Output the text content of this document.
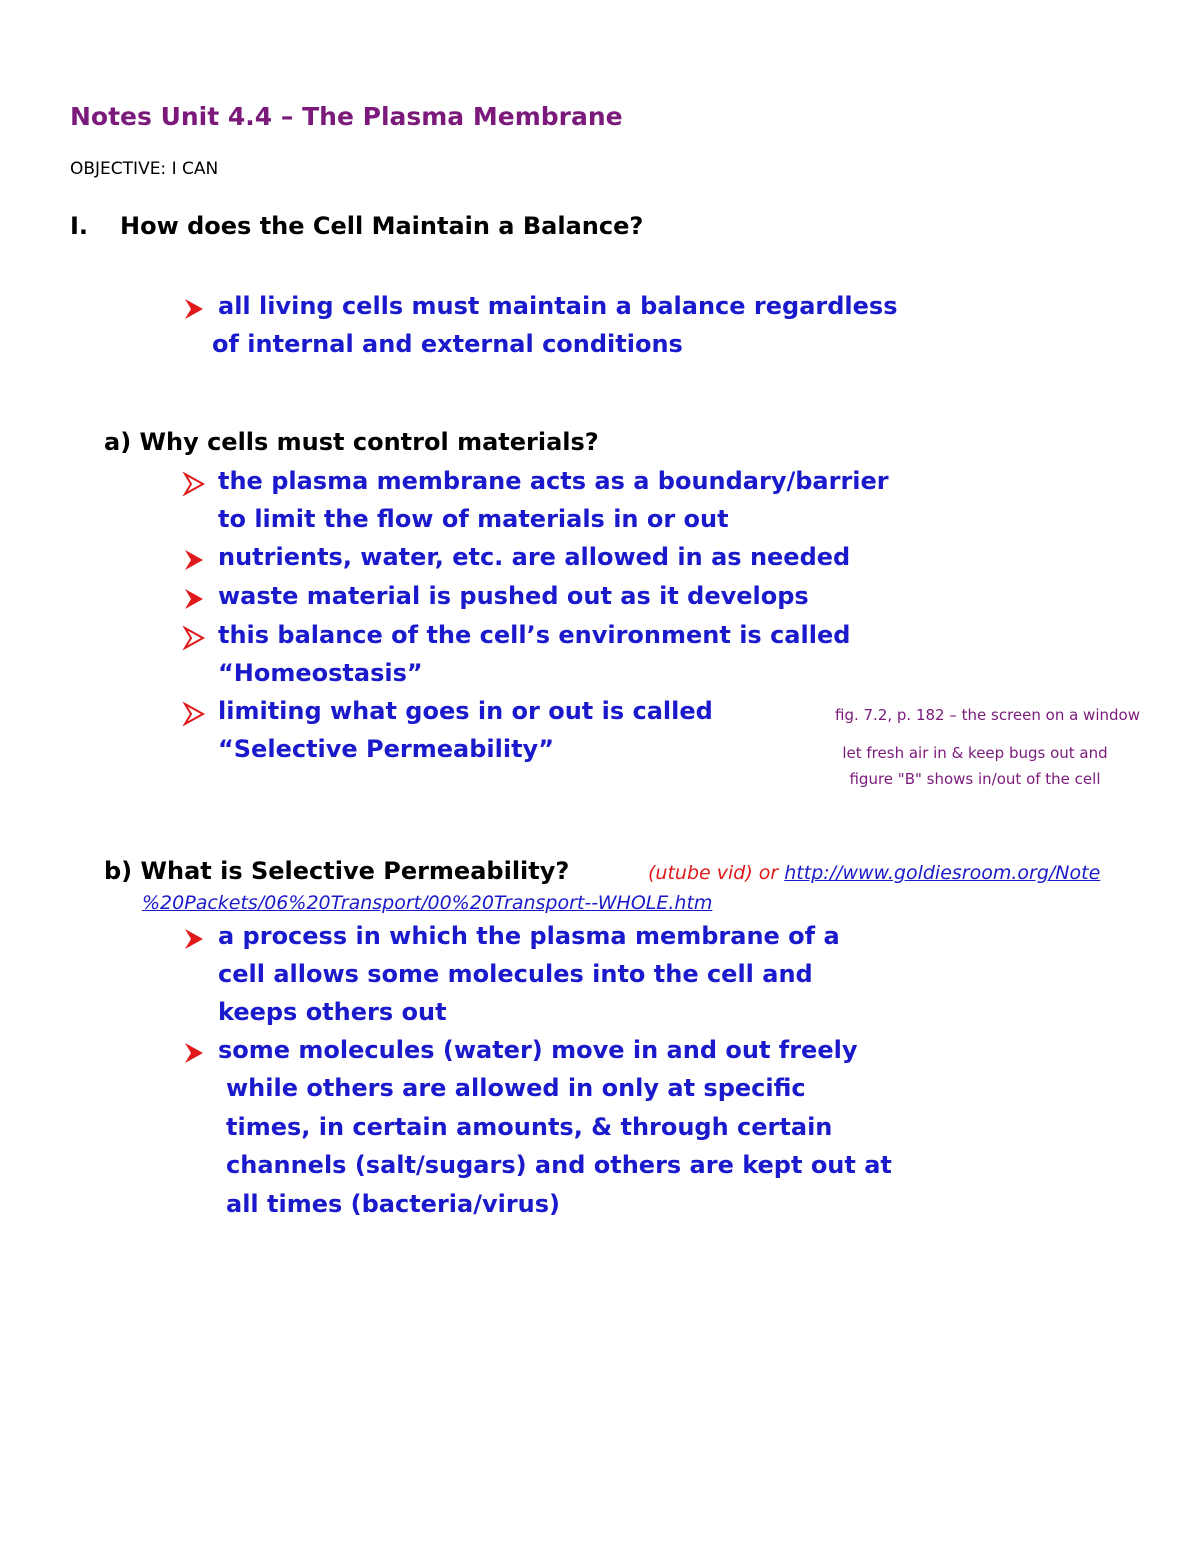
Notes Unit 4.4 – The Plasma Membrane
OBJECTIVE: I CAN
I. How does the Cell Maintain a Balance?
all living cells must maintain a balance regardless
of internal and external conditions
a) Why cells must control materials?
the plasma membrane acts as a boundary/barrier
to limit the flow of materials in or out
nutrients, water, etc. are allowed in as needed
waste material is pushed out as it develops
this balance of the cell’s environment is called
“Homeostasis”
limiting what goes in or out is called
“Selective Permeability”
fig. 7.2, p. 182 – the screen on a window
let fresh air in & keep bugs out and
figure "B" shows in/out of the cell
b) What is Selective Permeability?	(utube vid) or http://www.goldiesroom.org/Note
%20Packets/06%20Transport/00%20Transport--WHOLE.htm
a process in which the plasma membrane of a
cell allows some molecules into the cell and
keeps others out
some molecules (water) move in and out freely
while others are allowed in only at specific
times, in certain amounts, & through certain
channels (salt/sugars) and others are kept out at
all times (bacteria/virus)
